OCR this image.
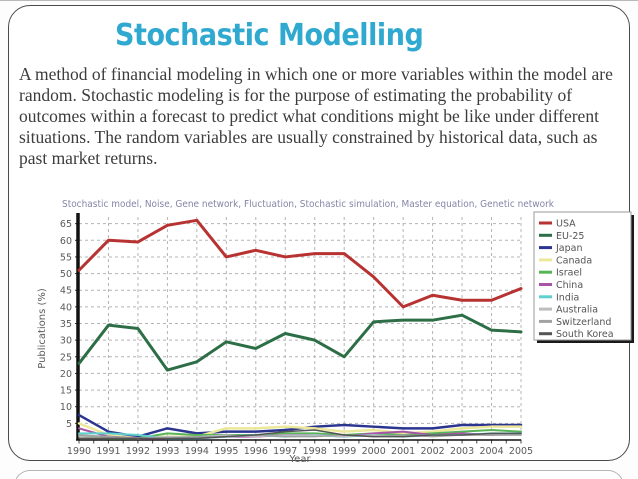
Stochastic Modelling

A method of financial modeling in which one or more variables within the model are random. Stochastic modeling is for the purpose of estimating the probability of outcomes within a forecast to predict what conditions might be like under different situations. The random variables are usually constrained by historical data, such as past market returns.

5
10
15
20
25
30
35
40
45
50
55
60
65
1990 1991 1992 1993 1994 1995 1996 1997 1998 1999 2000 2001 2002 2003 2004 2005
Stochastic model, Noise, Gene network, Fluctuation, Stochastic simulation, Master equation, Genetic network
Publications (%)
Year
USA
EU-25
Japan
Canada
Israel
China
India
Australia
Switzerland
South Korea
